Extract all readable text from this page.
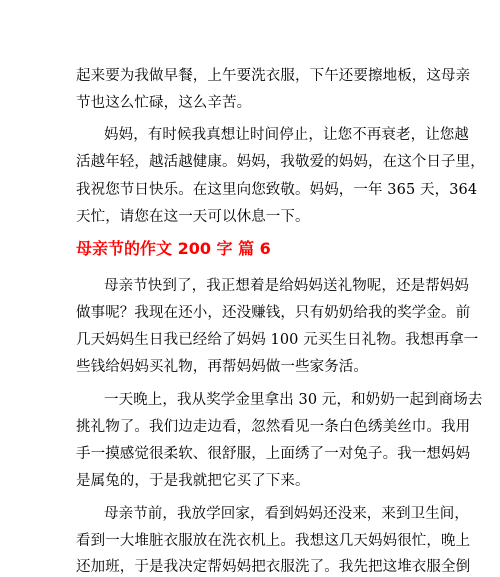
起来要为我做早餐，上午要洗衣服，下午还要擦地板，这母亲
节也这么忙碌，这么辛苦。
妈妈，有时候我真想让时间停止，让您不再衰老，让您越
活越年轻，越活越健康。妈妈，我敬爱的妈妈，在这个日子里，
我祝您节日快乐。在这里向您致敬。妈妈，一年 365 天，364
天忙，请您在这一天可以休息一下。
母亲节的作文 200 字 篇 6
母亲节快到了，我正想着是给妈妈送礼物呢，还是帮妈妈
做事呢？我现在还小，还没赚钱，只有奶奶给我的奖学金。前
几天妈妈生日我已经给了妈妈 100 元买生日礼物。我想再拿一
些钱给妈妈买礼物，再帮妈妈做一些家务活。
一天晚上，我从奖学金里拿出 30 元，和奶奶一起到商场去
挑礼物了。我们边走边看，忽然看见一条白色绣美丝巾。我用
手一摸感觉很柔软、很舒服，上面绣了一对兔子。我一想妈妈
是属兔的，于是我就把它买了下来。
母亲节前，我放学回家，看到妈妈还没来，来到卫生间，
看到一大堆脏衣服放在洗衣机上。我想这几天妈妈很忙，晚上
还加班，于是我决定帮妈妈把衣服洗了。我先把这堆衣服全倒
